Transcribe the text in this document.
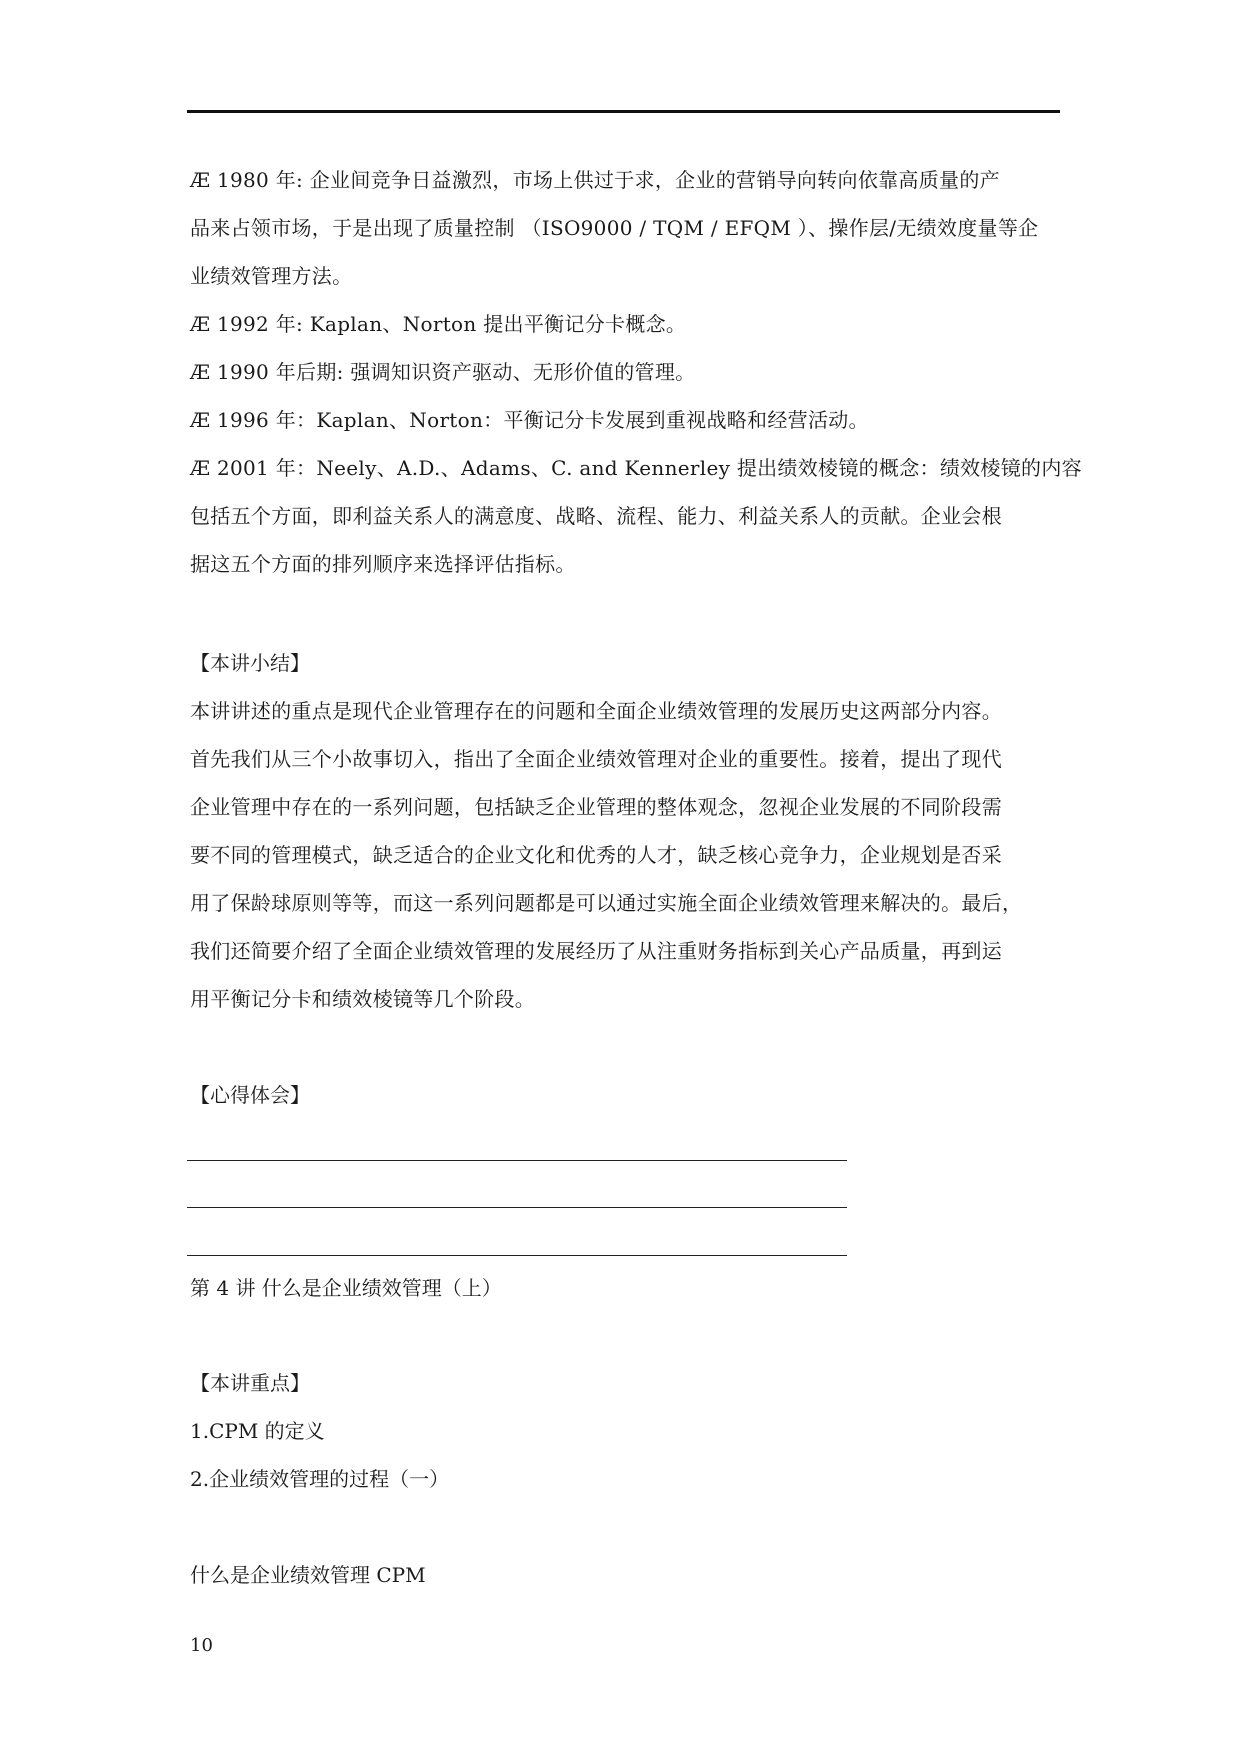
Æ 1980 年: 企业间竞争日益激烈，市场上供过于求，企业的营销导向转向依靠高质量的产
品来占领市场，于是出现了质量控制 （ISO9000 / TQM / EFQM ）、操作层/无绩效度量等企
业绩效管理方法。
Æ 1992 年: Kaplan、Norton 提出平衡记分卡概念。
Æ 1990 年后期: 强调知识资产驱动、无形价值的管理。
Æ 1996 年：Kaplan、Norton：平衡记分卡发展到重视战略和经营活动。
Æ 2001 年：Neely、A.D.、Adams、C. and Kennerley 提出绩效棱镜的概念：绩效棱镜的内容
包括五个方面，即利益关系人的满意度、战略、流程、能力、利益关系人的贡献。企业会根
据这五个方面的排列顺序来选择评估指标。
【本讲小结】
本讲讲述的重点是现代企业管理存在的问题和全面企业绩效管理的发展历史这两部分内容。
首先我们从三个小故事切入，指出了全面企业绩效管理对企业的重要性。接着，提出了现代
企业管理中存在的一系列问题，包括缺乏企业管理的整体观念，忽视企业发展的不同阶段需
要不同的管理模式，缺乏适合的企业文化和优秀的人才，缺乏核心竞争力，企业规划是否采
用了保龄球原则等等，而这一系列问题都是可以通过实施全面企业绩效管理来解决的。最后，
我们还简要介绍了全面企业绩效管理的发展经历了从注重财务指标到关心产品质量，再到运
用平衡记分卡和绩效棱镜等几个阶段。
【心得体会】
第 4 讲 什么是企业绩效管理（上）
【本讲重点】
1.CPM 的定义
2.企业绩效管理的过程（一）
什么是企业绩效管理 CPM
10
